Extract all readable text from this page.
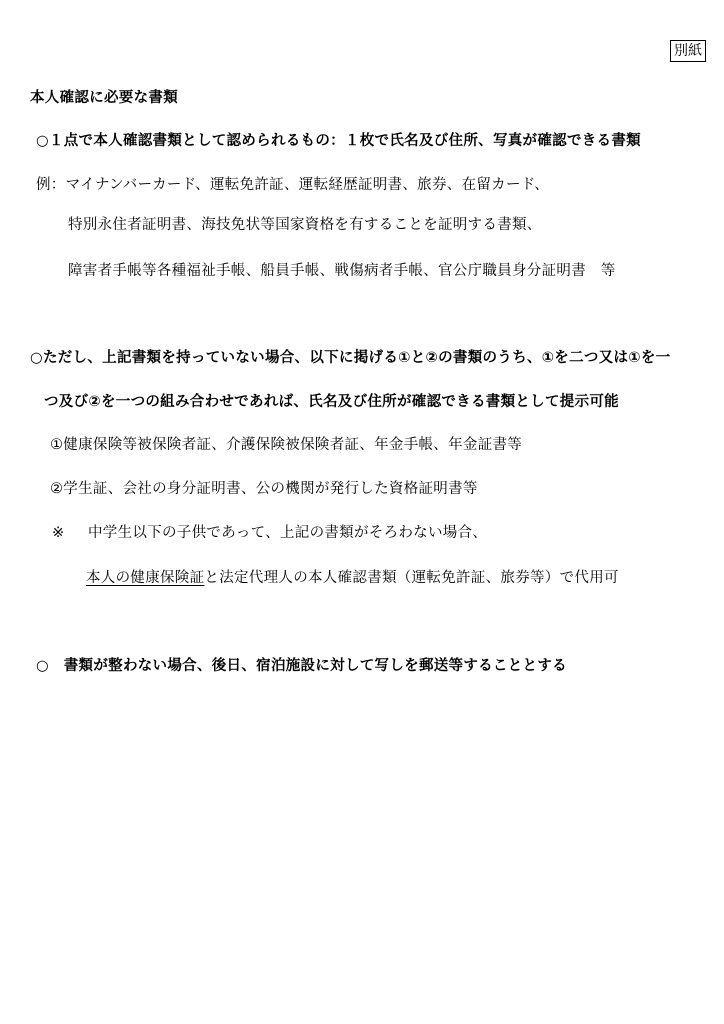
別紙
本人確認に必要な書類
○１点で本人確認書類として認められるもの：１枚で氏名及び住所、写真が確認できる書類
例：マイナンバーカード、運転免許証、運転経歴証明書、旅券、在留カード、
特別永住者証明書、海技免状等国家資格を有することを証明する書類、
障害者手帳等各種福祉手帳、船員手帳、戦傷病者手帳、官公庁職員身分証明書　等
○ただし、上記書類を持っていない場合、以下に掲げる①と②の書類のうち、①を二つ又は①を一
つ及び②を一つの組み合わせであれば、氏名及び住所が確認できる書類として提示可能
①健康保険等被保険者証、介護保険被保険者証、年金手帳、年金証書等
②学生証、会社の身分証明書、公の機関が発行した資格証明書等
※ 中学生以下の子供であって、上記の書類がそろわない場合、
本人の健康保険証と法定代理人の本人確認書類（運転免許証、旅券等）で代用可
○　書類が整わない場合、後日、宿泊施設に対して写しを郵送等することとする
